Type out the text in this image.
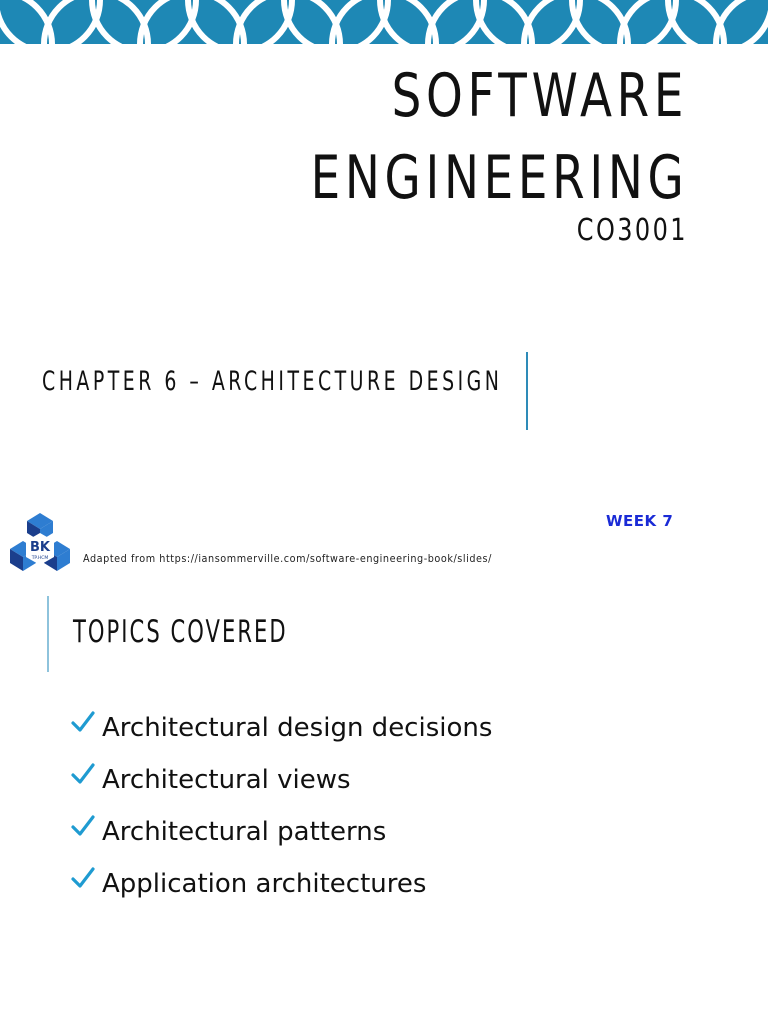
SOFTWARE
ENGINEERING
CO3001
CHAPTER 6 – ARCHITECTURE DESIGN
WEEK 7
BK
TP.HCM	Adapted from https://iansommerville.com/software-engineering-book/slides/
TOPICS COVERED
Architectural design decisions
Architectural views
Architectural patterns
Application architectures
